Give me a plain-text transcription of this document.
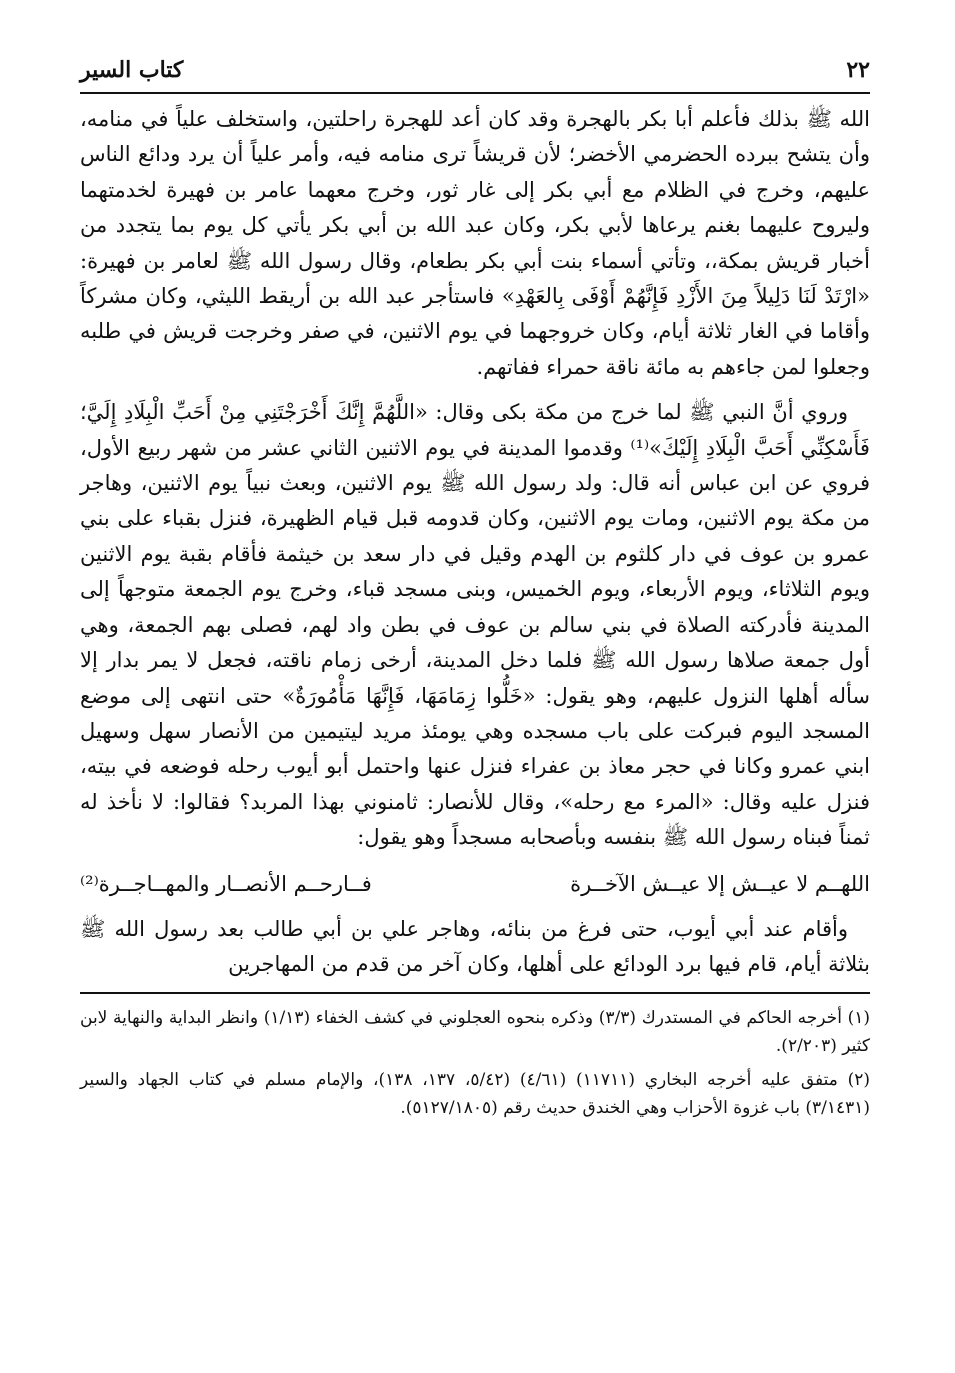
٢٢
كتاب السير

الله ﷺ بذلك فأعلم أبا بكر بالهجرة وقد كان أعد للهجرة راحلتين، واستخلف علياً في منامه، وأن يتشح ببرده الحضرمي الأخضر؛ لأن قريشاً ترى منامه فيه، وأمر علياً أن يرد ودائع الناس عليهم، وخرج في الظلام مع أبي بكر إلى غار ثور، وخرج معهما عامر بن فهيرة لخدمتهما وليروح عليهما بغنم يرعاها لأبي بكر، وكان عبد الله بن أبي بكر يأتي كل يوم بما يتجدد من أخبار قريش بمكة،، وتأتي أسماء بنت أبي بكر بطعام، وقال رسول الله ﷺ لعامر بن فهيرة: «ارْتَدْ لَنَا دَلِيلاً مِنَ الأَزْدِ فَإِنَّهُمْ أَوْفَى بِالعَهْدِ» فاستأجر عبد الله بن أريقط الليثي، وكان مشركاً وأقاما في الغار ثلاثة أيام، وكان خروجهما في يوم الاثنين، في صفر وخرجت قريش في طلبه وجعلوا لمن جاءهم به مائة ناقة حمراء ففاتهم.

وروي أنَّ النبي ﷺ لما خرج من مكة بكى وقال: «اللَّهُمَّ إِنَّكَ أَخْرَجْتَنِي مِنْ أَحَبِّ الْبِلَادِ إِلَيَّ؛ فَأَسْكِنِّي أَحَبَّ الْبِلَادِ إِلَيْكَ»⁽¹⁾ وقدموا المدينة في يوم الاثنين الثاني عشر من شهر ربيع الأول، فروي عن ابن عباس أنه قال: ولد رسول الله ﷺ يوم الاثنين، وبعث نبياً يوم الاثنين، وهاجر من مكة يوم الاثنين، ومات يوم الاثنين، وكان قدومه قبل قيام الظهيرة، فنزل بقباء على بني عمرو بن عوف في دار كلثوم بن الهدم وقيل في دار سعد بن خيثمة فأقام بقبة يوم الاثنين ويوم الثلاثاء، ويوم الأربعاء، ويوم الخميس، وبنى مسجد قباء، وخرج يوم الجمعة متوجهاً إلى المدينة فأدركته الصلاة في بني سالم بن عوف في بطن واد لهم، فصلى بهم الجمعة، وهي أول جمعة صلاها رسول الله ﷺ فلما دخل المدينة، أرخى زمام ناقته، فجعل لا يمر بدار إلا سأله أهلها النزول عليهم، وهو يقول: «خَلُّوا زِمَامَهَا، فَإِنَّهَا مَأْمُورَةٌ» حتى انتهى إلى موضع المسجد اليوم فبركت على باب مسجده وهي يومئذ مريد ليتيمين من الأنصار سهل وسهيل ابني عمرو وكانا في حجر معاذ بن عفراء فنزل عنها واحتمل أبو أيوب رحله فوضعه في بيته، فنزل عليه وقال: «المرء مع رحله»، وقال للأنصار: ثامنوني بهذا المربد؟ فقالوا: لا نأخذ له ثمناً فبناه رسول الله ﷺ بنفسه وبأصحابه مسجداً وهو يقول:

اللهــم لا عيــش إلا عيــش الآخــرة
فــارحــم الأنصــار والمهــاجــرة⁽²⁾

وأقام عند أبي أيوب، حتى فرغ من بنائه، وهاجر علي بن أبي طالب بعد رسول الله ﷺ بثلاثة أيام، قام فيها برد الودائع على أهلها، وكان آخر من قدم من المهاجرين

(١) أخرجه الحاكم في المستدرك (٣/٣) وذكره بنحوه العجلوني في كشف الخفاء (١/١٣) وانظر البداية والنهاية لابن كثير (٢/٢٠٣).

(٢) متفق عليه أخرجه البخاري (١١٧١١) (٤/٦١) (٥/٤٢، ١٣٧، ١٣٨)، والإمام مسلم في كتاب الجهاد والسير (٣/١٤٣١) باب غزوة الأحزاب وهي الخندق حديث رقم (٥١٢٧/١٨٠٥).
